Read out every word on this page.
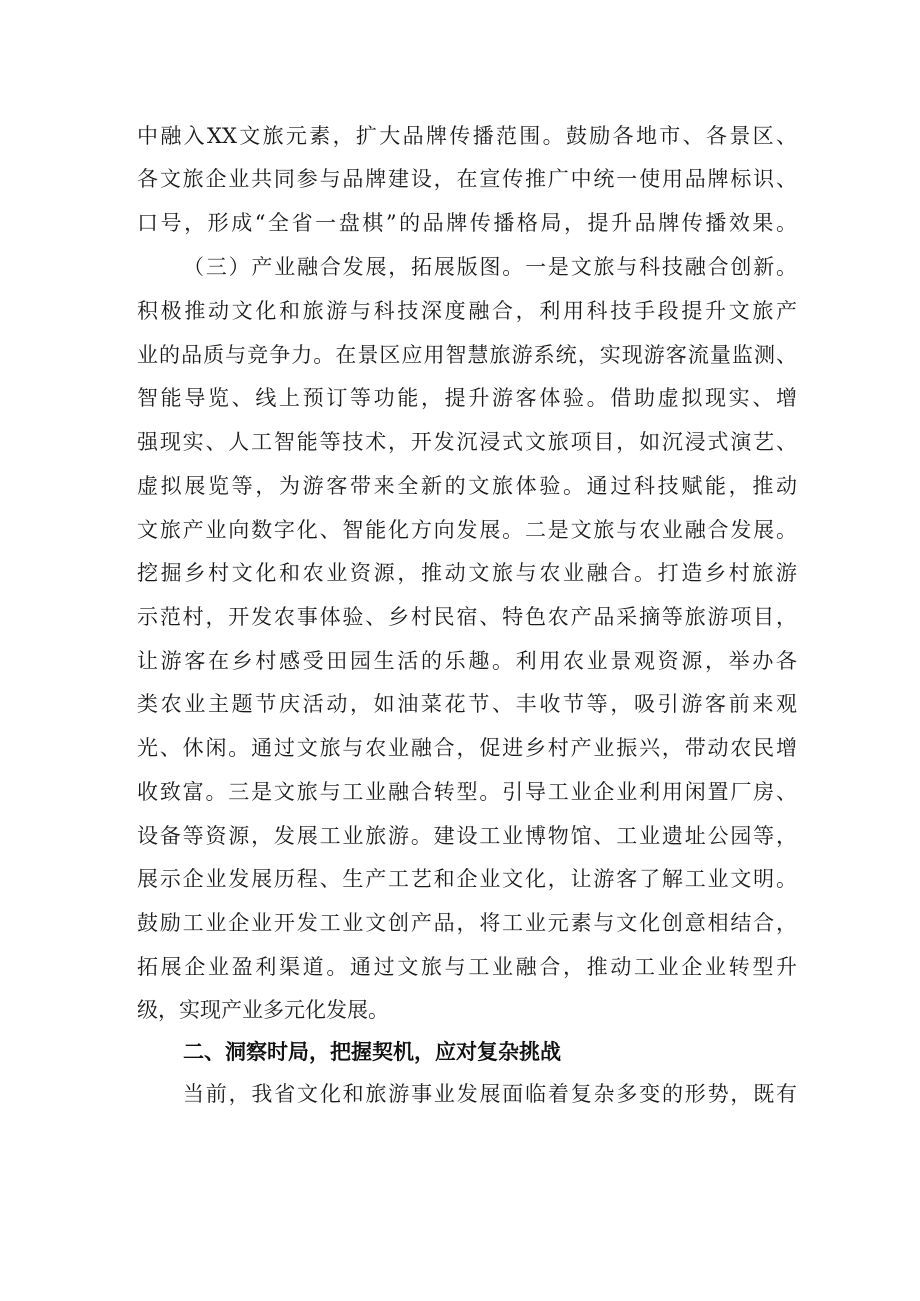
中融入XX文旅元素，扩大品牌传播范围。鼓励各地市、各景区、
各文旅企业共同参与品牌建设，在宣传推广中统一使用品牌标识、
口号，形成“全省一盘棋”的品牌传播格局，提升品牌传播效果。
（三）产业融合发展，拓展版图。一是文旅与科技融合创新。
积极推动文化和旅游与科技深度融合，利用科技手段提升文旅产
业的品质与竞争力。在景区应用智慧旅游系统，实现游客流量监测、
智能导览、线上预订等功能，提升游客体验。借助虚拟现实、增
强现实、人工智能等技术，开发沉浸式文旅项目，如沉浸式演艺、
虚拟展览等，为游客带来全新的文旅体验。通过科技赋能，推动
文旅产业向数字化、智能化方向发展。二是文旅与农业融合发展。
挖掘乡村文化和农业资源，推动文旅与农业融合。打造乡村旅游
示范村，开发农事体验、乡村民宿、特色农产品采摘等旅游项目，
让游客在乡村感受田园生活的乐趣。利用农业景观资源，举办各
类农业主题节庆活动，如油菜花节、丰收节等，吸引游客前来观
光、休闲。通过文旅与农业融合，促进乡村产业振兴，带动农民增
收致富。三是文旅与工业融合转型。引导工业企业利用闲置厂房、
设备等资源，发展工业旅游。建设工业博物馆、工业遗址公园等，
展示企业发展历程、生产工艺和企业文化，让游客了解工业文明。
鼓励工业企业开发工业文创产品，将工业元素与文化创意相结合，
拓展企业盈利渠道。通过文旅与工业融合，推动工业企业转型升
级，实现产业多元化发展。
二、洞察时局，把握契机，应对复杂挑战
当前，我省文化和旅游事业发展面临着复杂多变的形势，既有
